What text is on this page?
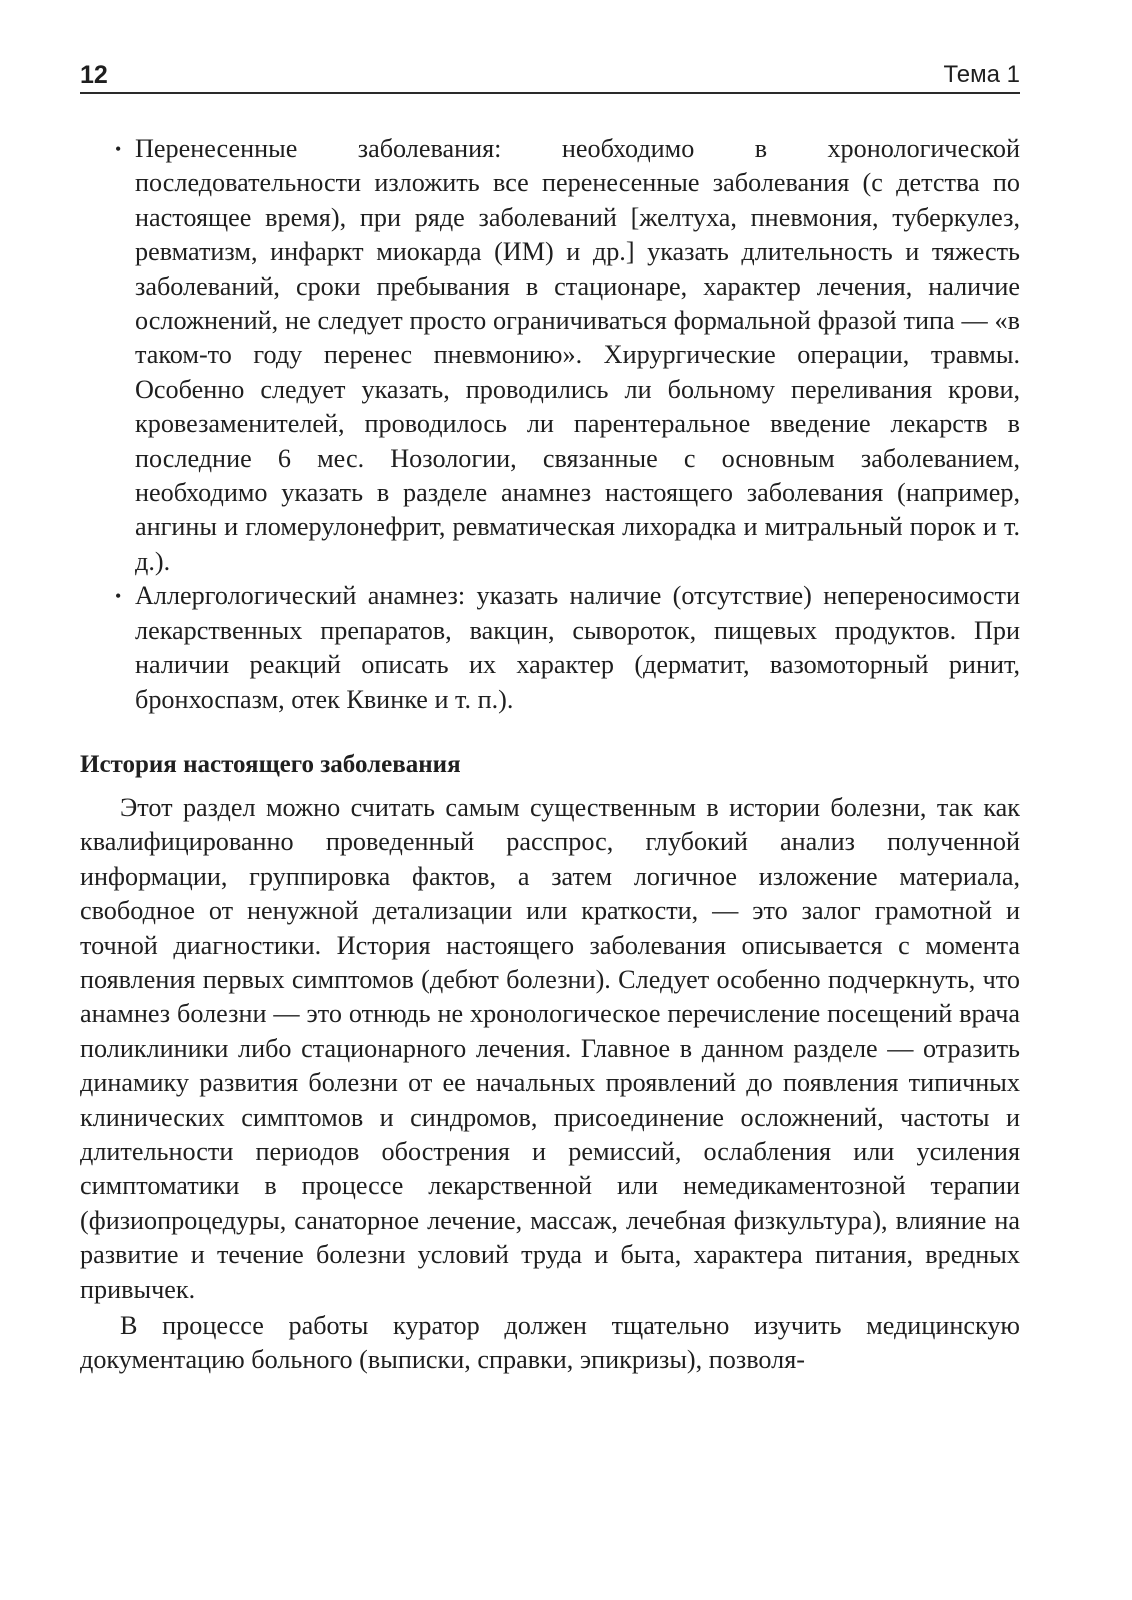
12	Тема 1
• Перенесенные заболевания: необходимо в хронологической последовательности изложить все перенесенные заболевания (с детства по настоящее время), при ряде заболеваний [желтуха, пневмония, туберкулез, ревматизм, инфаркт миокарда (ИМ) и др.] указать длительность и тяжесть заболеваний, сроки пребывания в стационаре, характер лечения, наличие осложнений, не следует просто ограничиваться формальной фразой типа — «в таком-то году перенес пневмонию». Хирургические операции, травмы. Особенно следует указать, проводились ли больному переливания крови, кровезаменителей, проводилось ли парентеральное введение лекарств в последние 6 мес. Нозологии, связанные с основным заболеванием, необходимо указать в разделе анамнез настоящего заболевания (например, ангины и гломерулонефрит, ревматическая лихорадка и митральный порок и т. д.).
• Аллергологический анамнез: указать наличие (отсутствие) непереносимости лекарственных препаратов, вакцин, сывороток, пищевых продуктов. При наличии реакций описать их характер (дерматит, вазомоторный ринит, бронхоспазм, отек Квинке и т. п.).
История настоящего заболевания

Этот раздел можно считать самым существенным в истории болезни, так как квалифицированно проведенный расспрос, глубокий анализ полученной информации, группировка фактов, а затем логичное изложение материала, свободное от ненужной детализации или краткости, — это залог грамотной и точной диагностики. История настоящего заболевания описывается с момента появления первых симптомов (дебют болезни). Следует особенно подчеркнуть, что анамнез болезни — это отнюдь не хронологическое перечисление посещений врача поликлиники либо стационарного лечения. Главное в данном разделе — отразить динамику развития болезни от ее начальных проявлений до появления типичных клинических симптомов и синдромов, присоединение осложнений, частоты и длительности периодов обострения и ремиссий, ослабления или усиления симптоматики в процессе лекарственной или немедикаментозной терапии (физиопроцедуры, санаторное лечение, массаж, лечебная физкультура), влияние на развитие и течение болезни условий труда и быта, характера питания, вредных привычек.

В процессе работы куратор должен тщательно изучить медицинскую документацию больного (выписки, справки, эпикризы), позволя-
